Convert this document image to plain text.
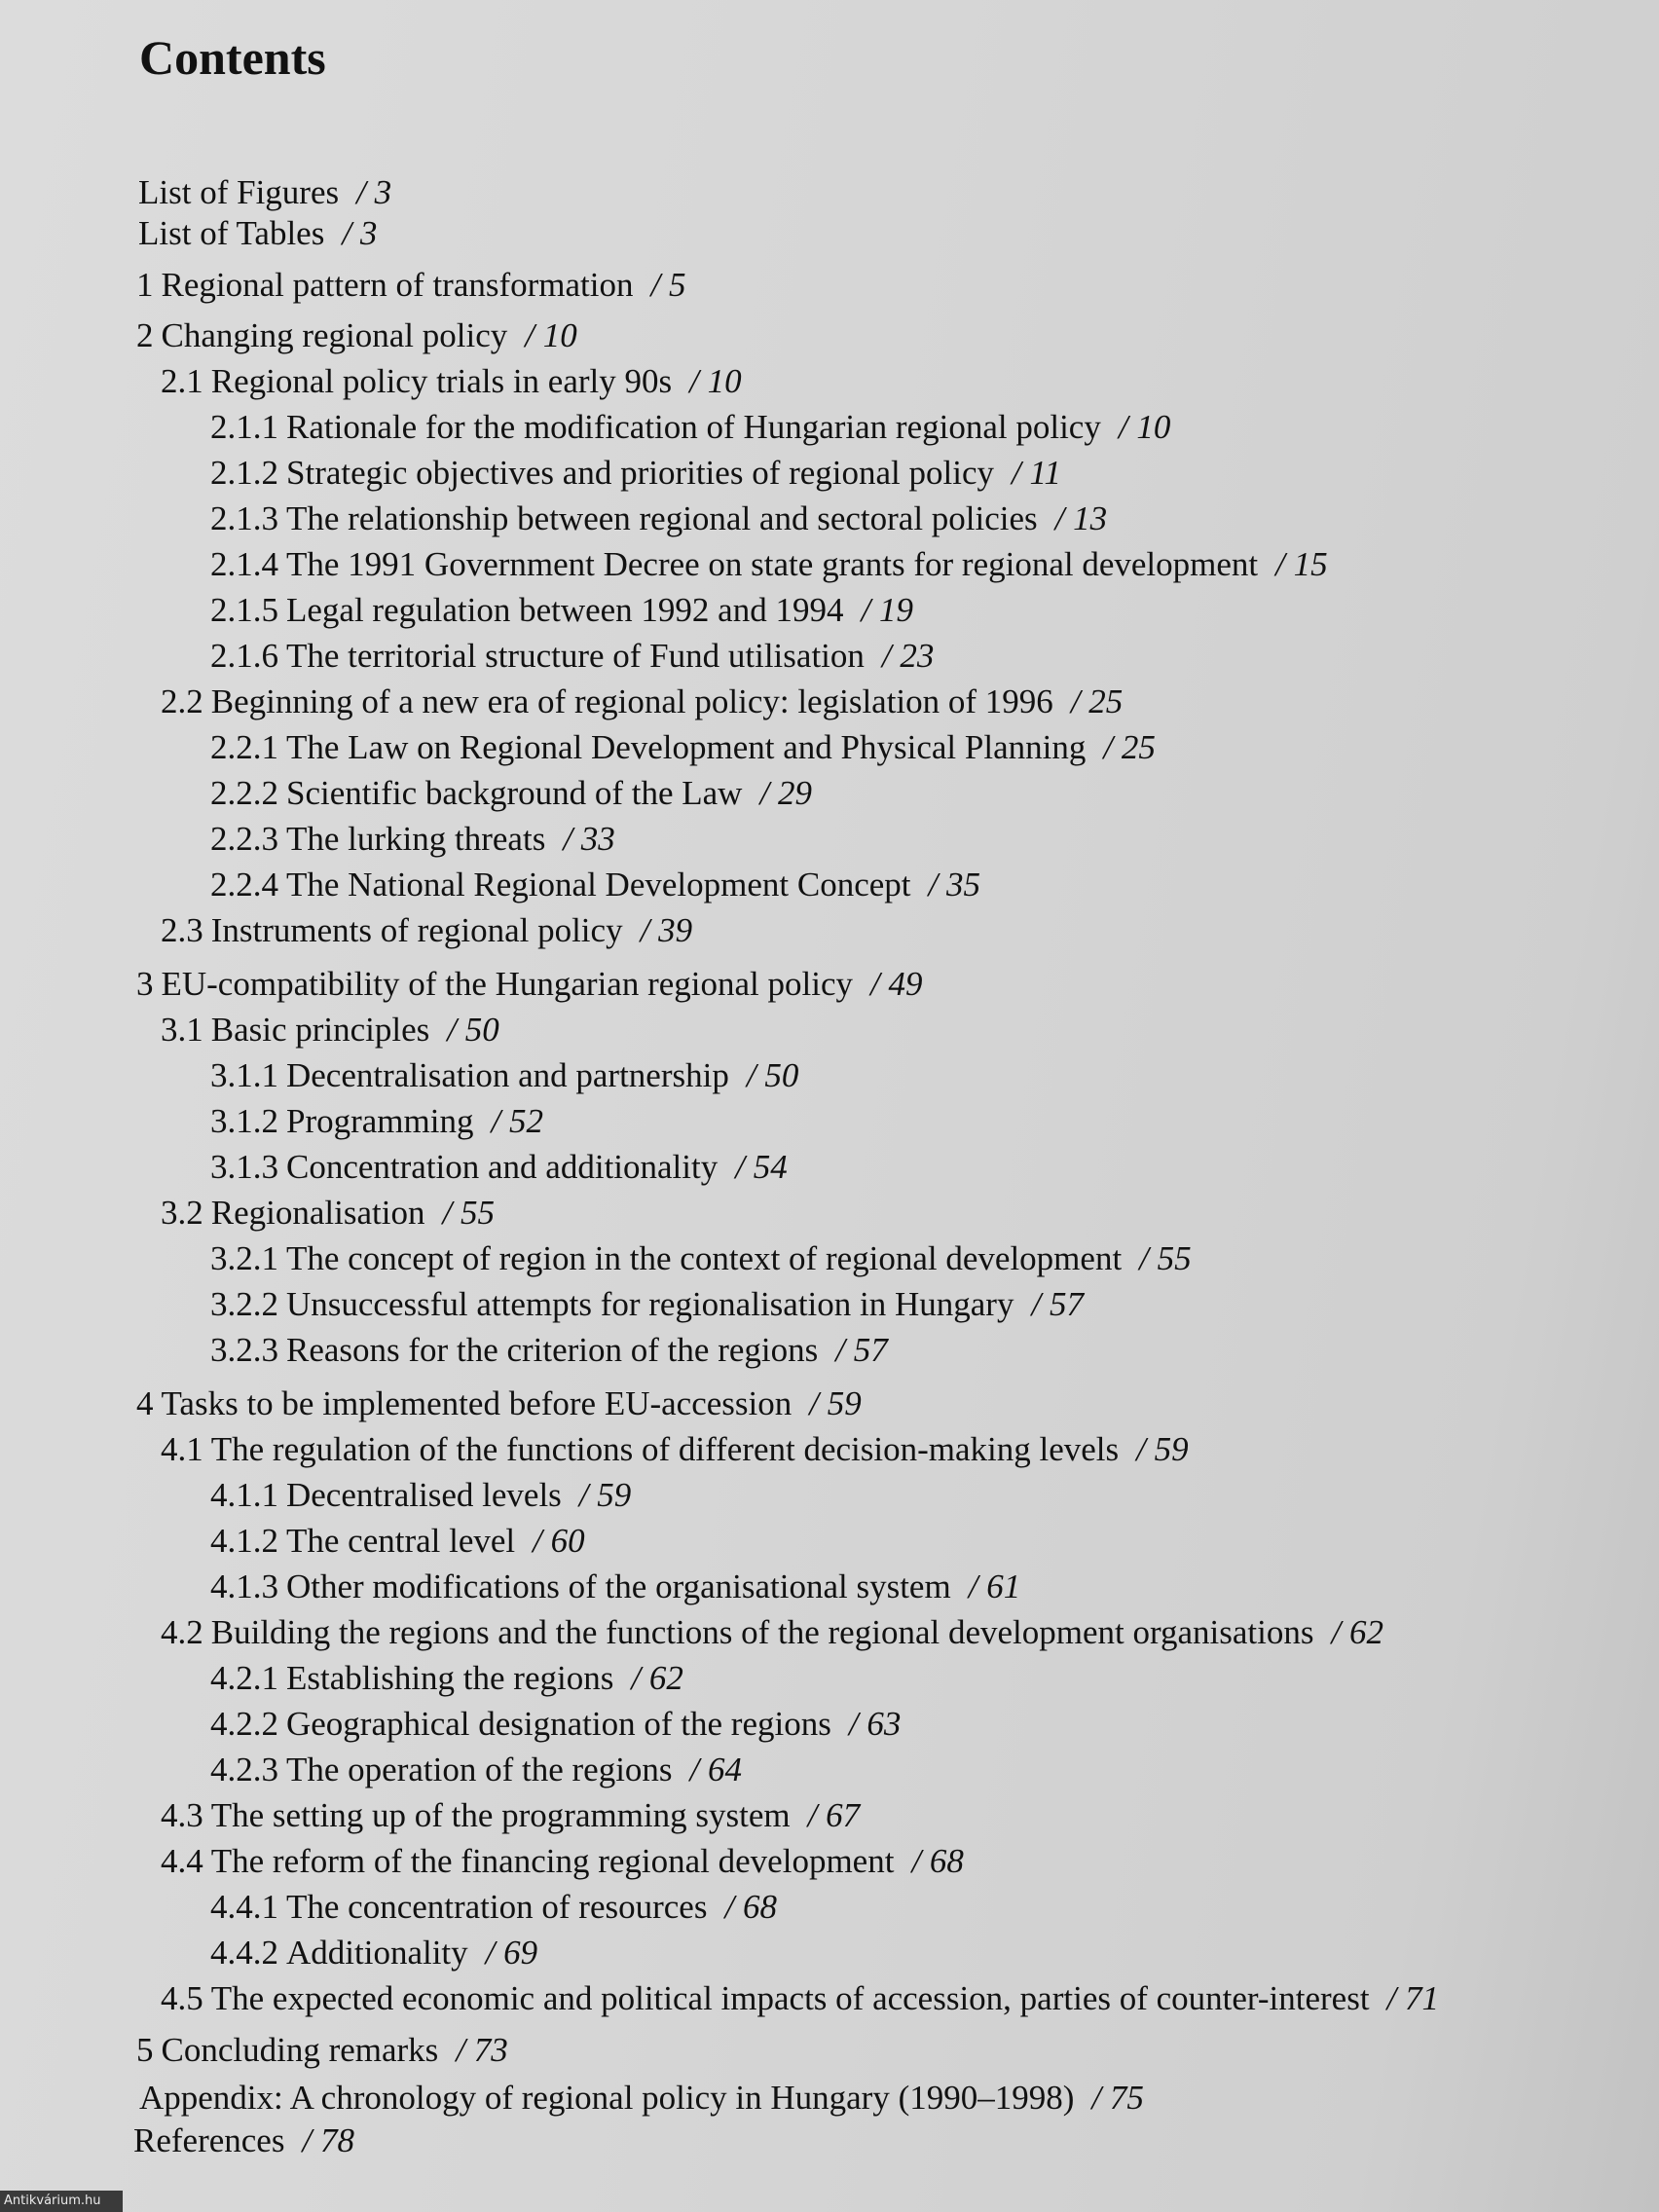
Contents
List of Figures / 3
List of Tables / 3
1 Regional pattern of transformation / 5
2 Changing regional policy / 10
2.1 Regional policy trials in early 90s / 10
2.1.1 Rationale for the modification of Hungarian regional policy / 10
2.1.2 Strategic objectives and priorities of regional policy / 11
2.1.3 The relationship between regional and sectoral policies / 13
2.1.4 The 1991 Government Decree on state grants for regional development / 15
2.1.5 Legal regulation between 1992 and 1994 / 19
2.1.6 The territorial structure of Fund utilisation / 23
2.2 Beginning of a new era of regional policy: legislation of 1996 / 25
2.2.1 The Law on Regional Development and Physical Planning / 25
2.2.2 Scientific background of the Law / 29
2.2.3 The lurking threats / 33
2.2.4 The National Regional Development Concept / 35
2.3 Instruments of regional policy / 39
3 EU-compatibility of the Hungarian regional policy / 49
3.1 Basic principles / 50
3.1.1 Decentralisation and partnership / 50
3.1.2 Programming / 52
3.1.3 Concentration and additionality / 54
3.2 Regionalisation / 55
3.2.1 The concept of region in the context of regional development / 55
3.2.2 Unsuccessful attempts for regionalisation in Hungary / 57
3.2.3 Reasons for the criterion of the regions / 57
4 Tasks to be implemented before EU-accession / 59
4.1 The regulation of the functions of different decision-making levels / 59
4.1.1 Decentralised levels / 59
4.1.2 The central level / 60
4.1.3 Other modifications of the organisational system / 61
4.2 Building the regions and the functions of the regional development organisations / 62
4.2.1 Establishing the regions / 62
4.2.2 Geographical designation of the regions / 63
4.2.3 The operation of the regions / 64
4.3 The setting up of the programming system / 67
4.4 The reform of the financing regional development / 68
4.4.1 The concentration of resources / 68
4.4.2 Additionality / 69
4.5 The expected economic and political impacts of accession, parties of counter-interest / 71
5 Concluding remarks / 73
Appendix: A chronology of regional policy in Hungary (1990–1998) / 75
References / 78
Antikvárium.hu
